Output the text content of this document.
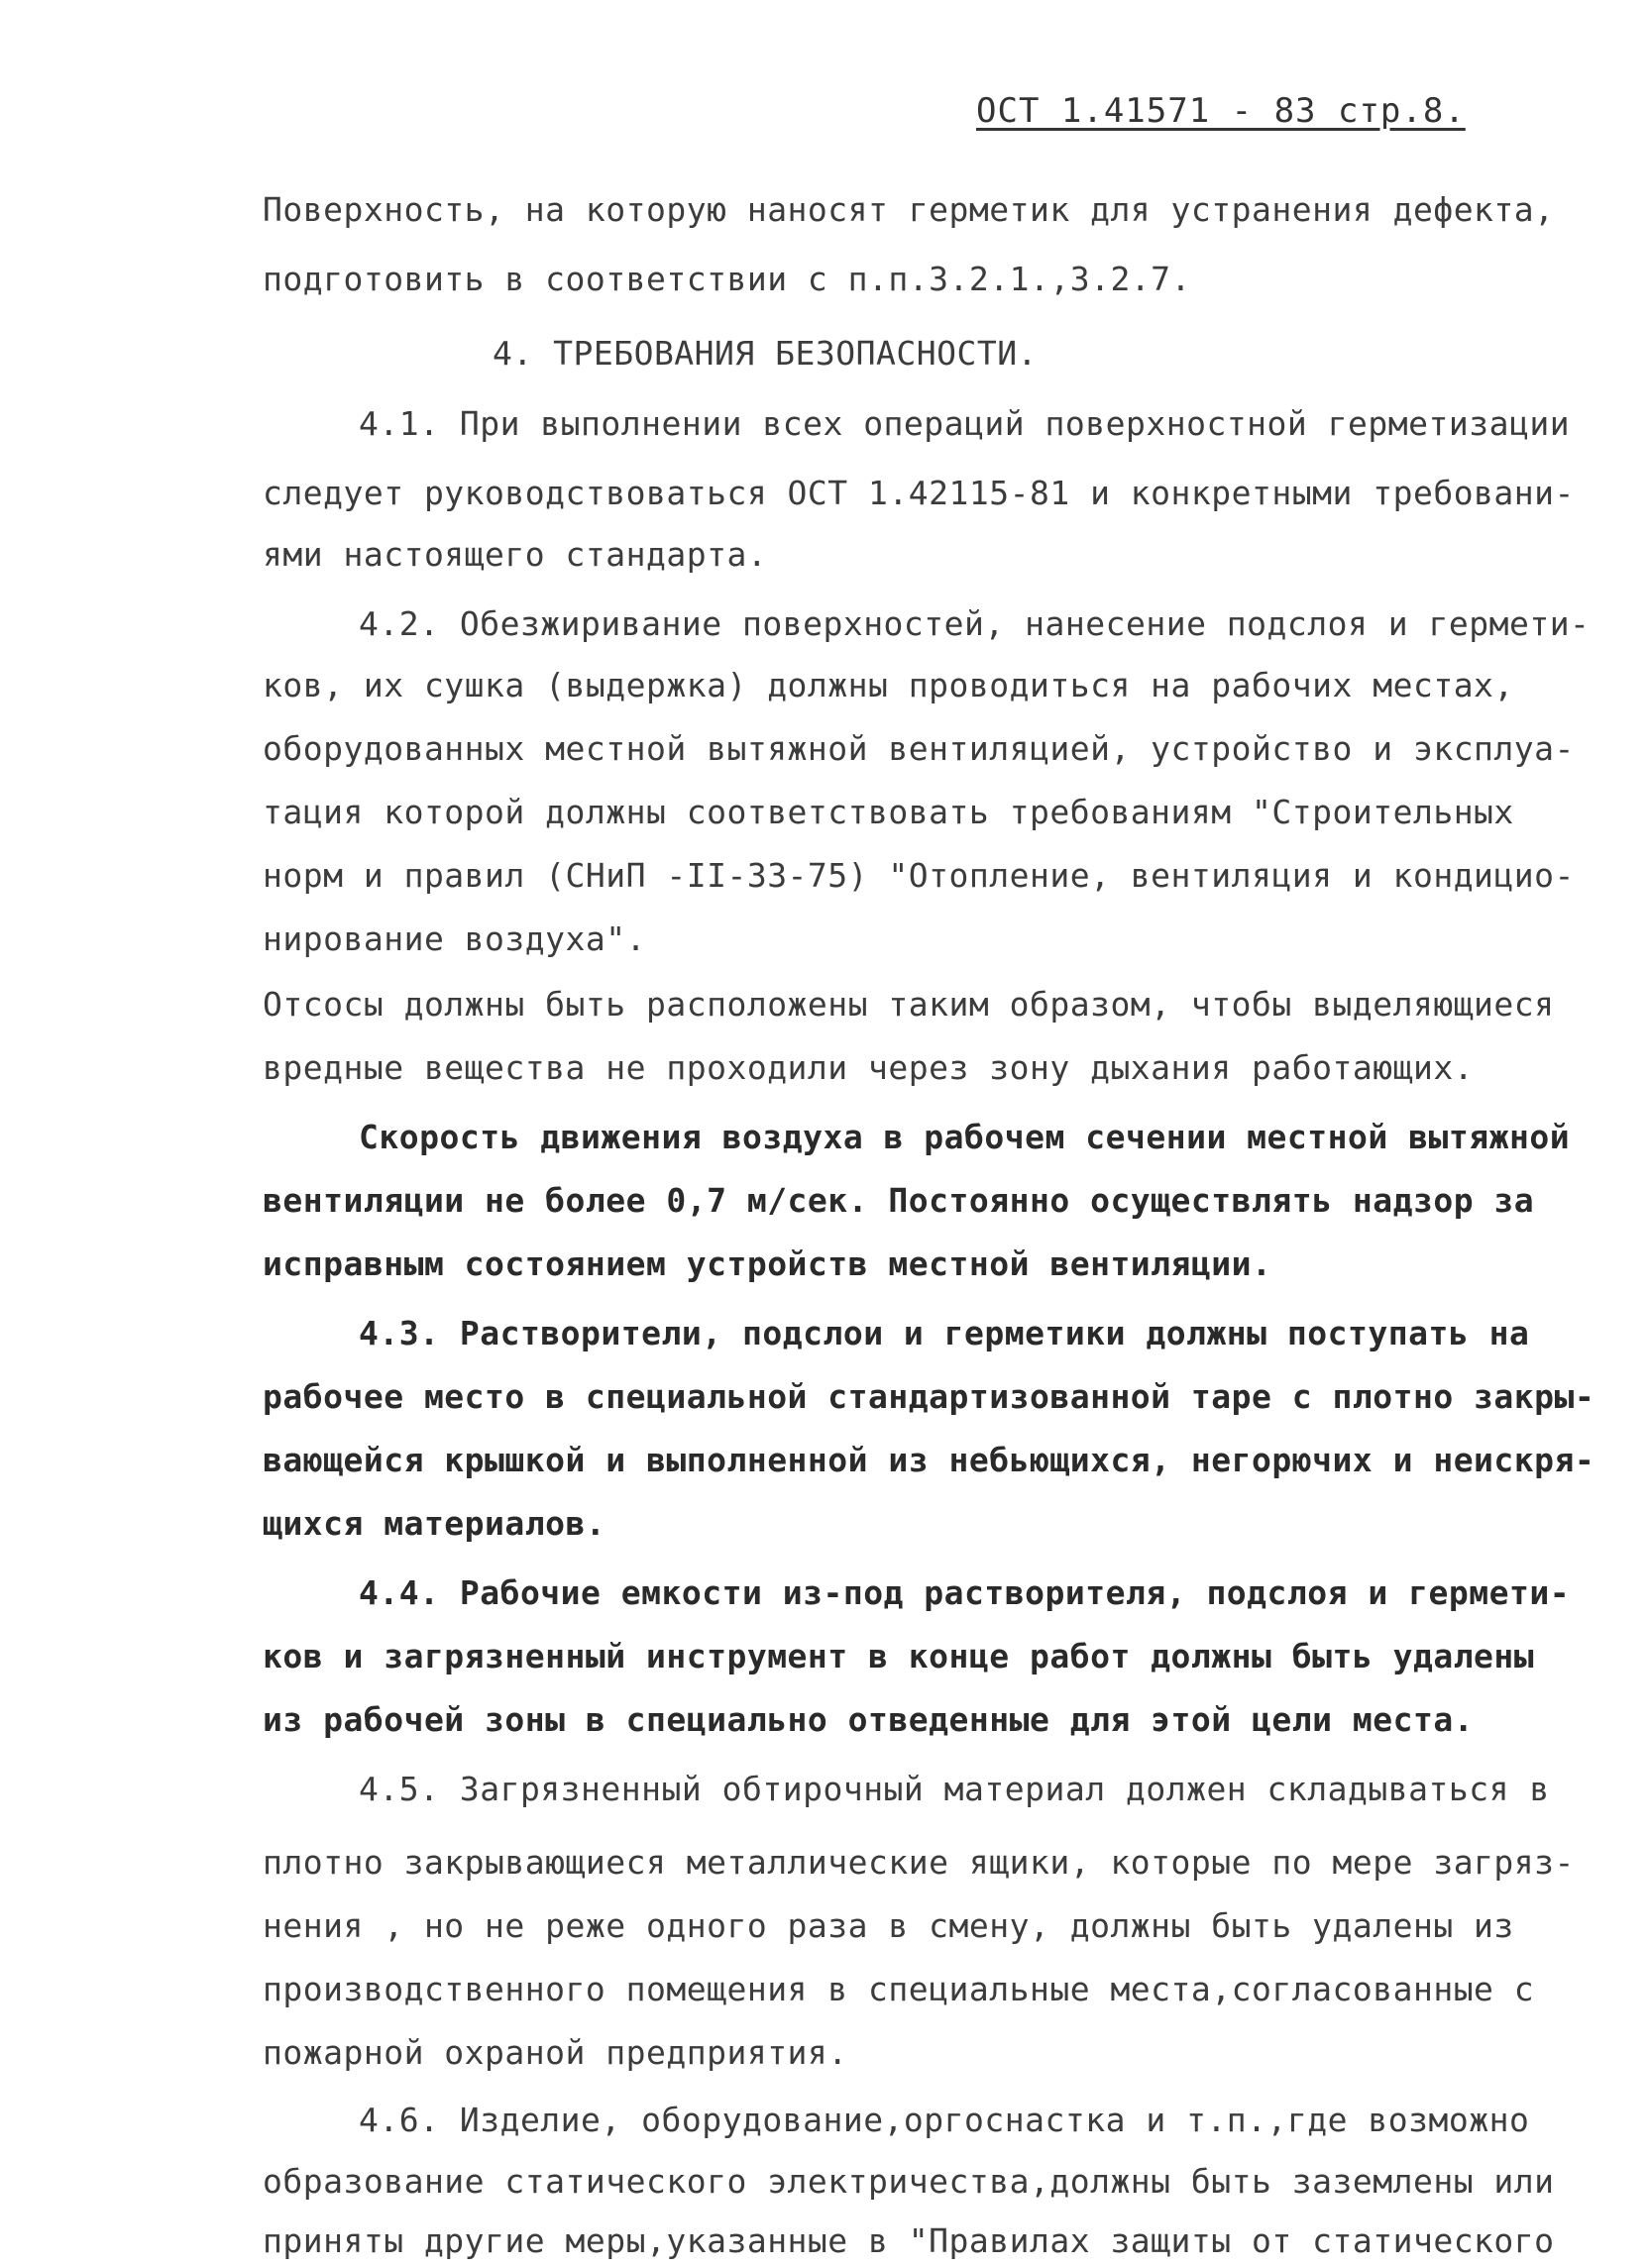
ОСТ 1.41571 - 83 стр.8.
Поверхность, на которую наносят герметик для устранения дефекта,
подготовить в соответствии с п.п.3.2.1.,3.2.7.
4. ТРЕБОВАНИЯ БЕЗОПАСНОСТИ.
4.1. При выполнении всех операций поверхностной герметизации
следует руководствоваться ОСТ 1.42115-81 и конкретными требовани-
ями настоящего стандарта.
4.2. Обезжиривание поверхностей, нанесение подслоя и гермети-
ков, их сушка (выдержка) должны проводиться на рабочих местах,
оборудованных местной вытяжной вентиляцией, устройство и эксплуа-
тация которой должны соответствовать требованиям "Строительных
норм и правил (СНиП -II-33-75) "Отопление, вентиляция и кондицио-
нирование воздуха".
Отсосы должны быть расположены таким образом, чтобы выделяющиеся
вредные вещества не проходили через зону дыхания работающих.
Скорость движения воздуха в рабочем сечении местной вытяжной
вентиляции не более 0,7 м/сек. Постоянно осуществлять надзор за
исправным состоянием устройств местной вентиляции.
4.3. Растворители, подслои и герметики должны поступать на
рабочее место в специальной стандартизованной таре с плотно закры-
вающейся крышкой и выполненной из небьющихся, негорючих и неискря-
щихся материалов.
4.4. Рабочие емкости из-под растворителя, подслоя и гермети-
ков и загрязненный инструмент в конце работ должны быть удалены
из рабочей зоны в специально отведенные для этой цели места.
4.5. Загрязненный обтирочный материал должен складываться в
плотно закрывающиеся металлические ящики, которые по мере загряз-
нения , но не реже одного раза в смену, должны быть удалены из
производственного помещения в специальные места,согласованные с
пожарной охраной предприятия.
4.6. Изделие, оборудование,оргоснастка и т.п.,где возможно
образование статического электричества,должны быть заземлены или
приняты другие меры,указанные в "Правилах защиты от статического
